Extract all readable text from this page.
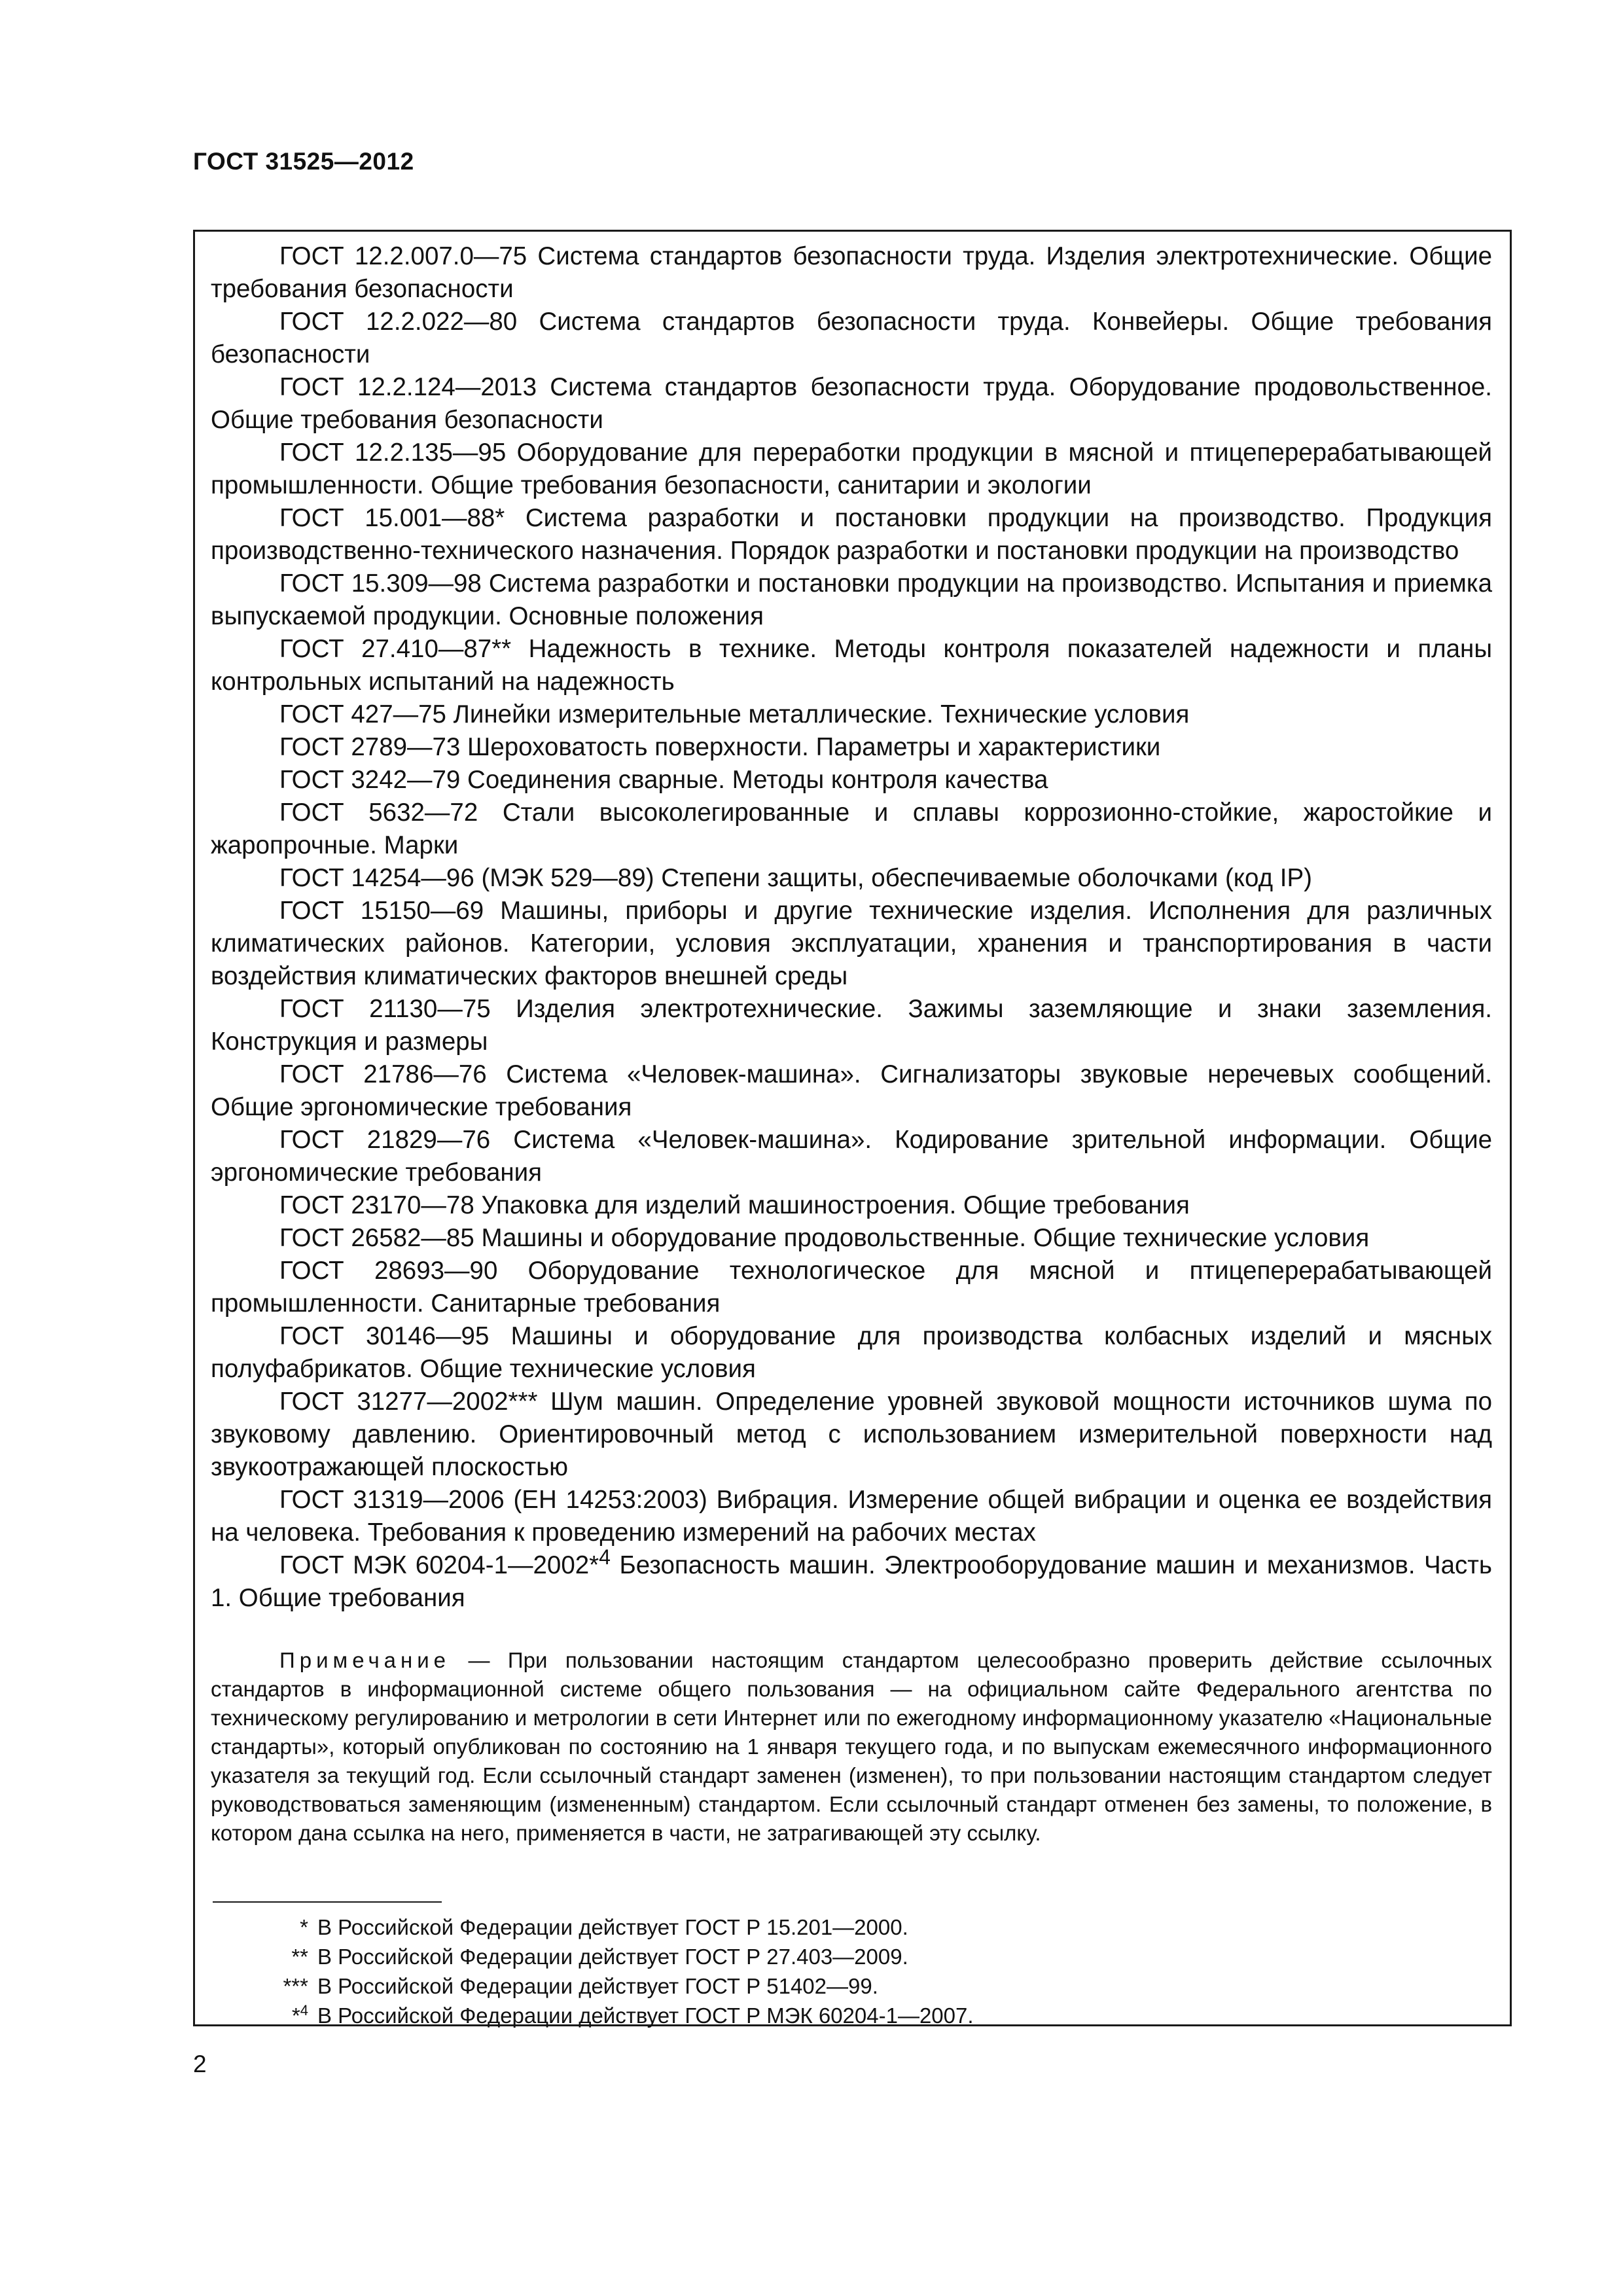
ГОСТ 31525—2012

ГОСТ 12.2.007.0—75 Система стандартов безопасности труда. Изделия электротехнические. Общие требования безопасности

ГОСТ 12.2.022—80 Система стандартов безопасности труда. Конвейеры. Общие требования безопасности

ГОСТ 12.2.124—2013 Система стандартов безопасности труда. Оборудование продовольственное. Общие требования безопасности

ГОСТ 12.2.135—95 Оборудование для переработки продукции в мясной и птицеперерабатывающей промышленности. Общие требования безопасности, санитарии и экологии

ГОСТ 15.001—88* Система разработки и постановки продукции на производство. Продукция производственно-технического назначения. Порядок разработки и постановки продукции на производство

ГОСТ 15.309—98 Система разработки и постановки продукции на производство. Испытания и приемка выпускаемой продукции. Основные положения

ГОСТ 27.410—87** Надежность в технике. Методы контроля показателей надежности и планы контрольных испытаний на надежность

ГОСТ 427—75 Линейки измерительные металлические. Технические условия

ГОСТ 2789—73 Шероховатость поверхности. Параметры и характеристики

ГОСТ 3242—79 Соединения сварные. Методы контроля качества

ГОСТ 5632—72 Стали высоколегированные и сплавы коррозионно-стойкие, жаростойкие и жаропрочные. Марки

ГОСТ 14254—96 (МЭК 529—89) Степени защиты, обеспечиваемые оболочками (код IP)

ГОСТ 15150—69 Машины, приборы и другие технические изделия. Исполнения для различных климатических районов. Категории, условия эксплуатации, хранения и транспортирования в части воздействия климатических факторов внешней среды

ГОСТ 21130—75 Изделия электротехнические. Зажимы заземляющие и знаки заземления. Конструкция и размеры

ГОСТ 21786—76 Система «Человек-машина». Сигнализаторы звуковые неречевых сообщений. Общие эргономические требования

ГОСТ 21829—76 Система «Человек-машина». Кодирование зрительной информации. Общие эргономические требования

ГОСТ 23170—78 Упаковка для изделий машиностроения. Общие требования

ГОСТ 26582—85 Машины и оборудование продовольственные. Общие технические условия

ГОСТ 28693—90 Оборудование технологическое для мясной и птицеперерабатывающей промышленности. Санитарные требования

ГОСТ 30146—95 Машины и оборудование для производства колбасных изделий и мясных полуфабрикатов. Общие технические условия

ГОСТ 31277—2002*** Шум машин. Определение уровней звуковой мощности источников шума по звуковому давлению. Ориентировочный метод с использованием измерительной поверхности над звукоотражающей плоскостью

ГОСТ 31319—2006 (ЕН 14253:2003) Вибрация. Измерение общей вибрации и оценка ее воздействия на человека. Требования к проведению измерений на рабочих местах

ГОСТ МЭК 60204-1—2002*$^4$ Безопасность машин. Электрооборудование машин и механизмов. Часть 1. Общие требования

Примечание — При пользовании настоящим стандартом целесообразно проверить действие ссылочных стандартов в информационной системе общего пользования — на официальном сайте Федерального агентства по техническому регулированию и метрологии в сети Интернет или по ежегодному информационному указателю «Национальные стандарты», который опубликован по состоянию на 1 января текущего года, и по выпускам ежемесячного информационного указателя за текущий год. Если ссылочный стандарт заменен (изменен), то при пользовании настоящим стандартом следует руководствоваться заменяющим (измененным) стандартом. Если ссылочный стандарт отменен без замены, то положение, в котором дана ссылка на него, применяется в части, не затрагивающей эту ссылку.

* В Российской Федерации действует ГОСТ Р 15.201—2000.

** В Российской Федерации действует ГОСТ Р 27.403—2009.

*** В Российской Федерации действует ГОСТ Р 51402—99.

*$^4$ В Российской Федерации действует ГОСТ Р МЭК 60204-1—2007.

2
